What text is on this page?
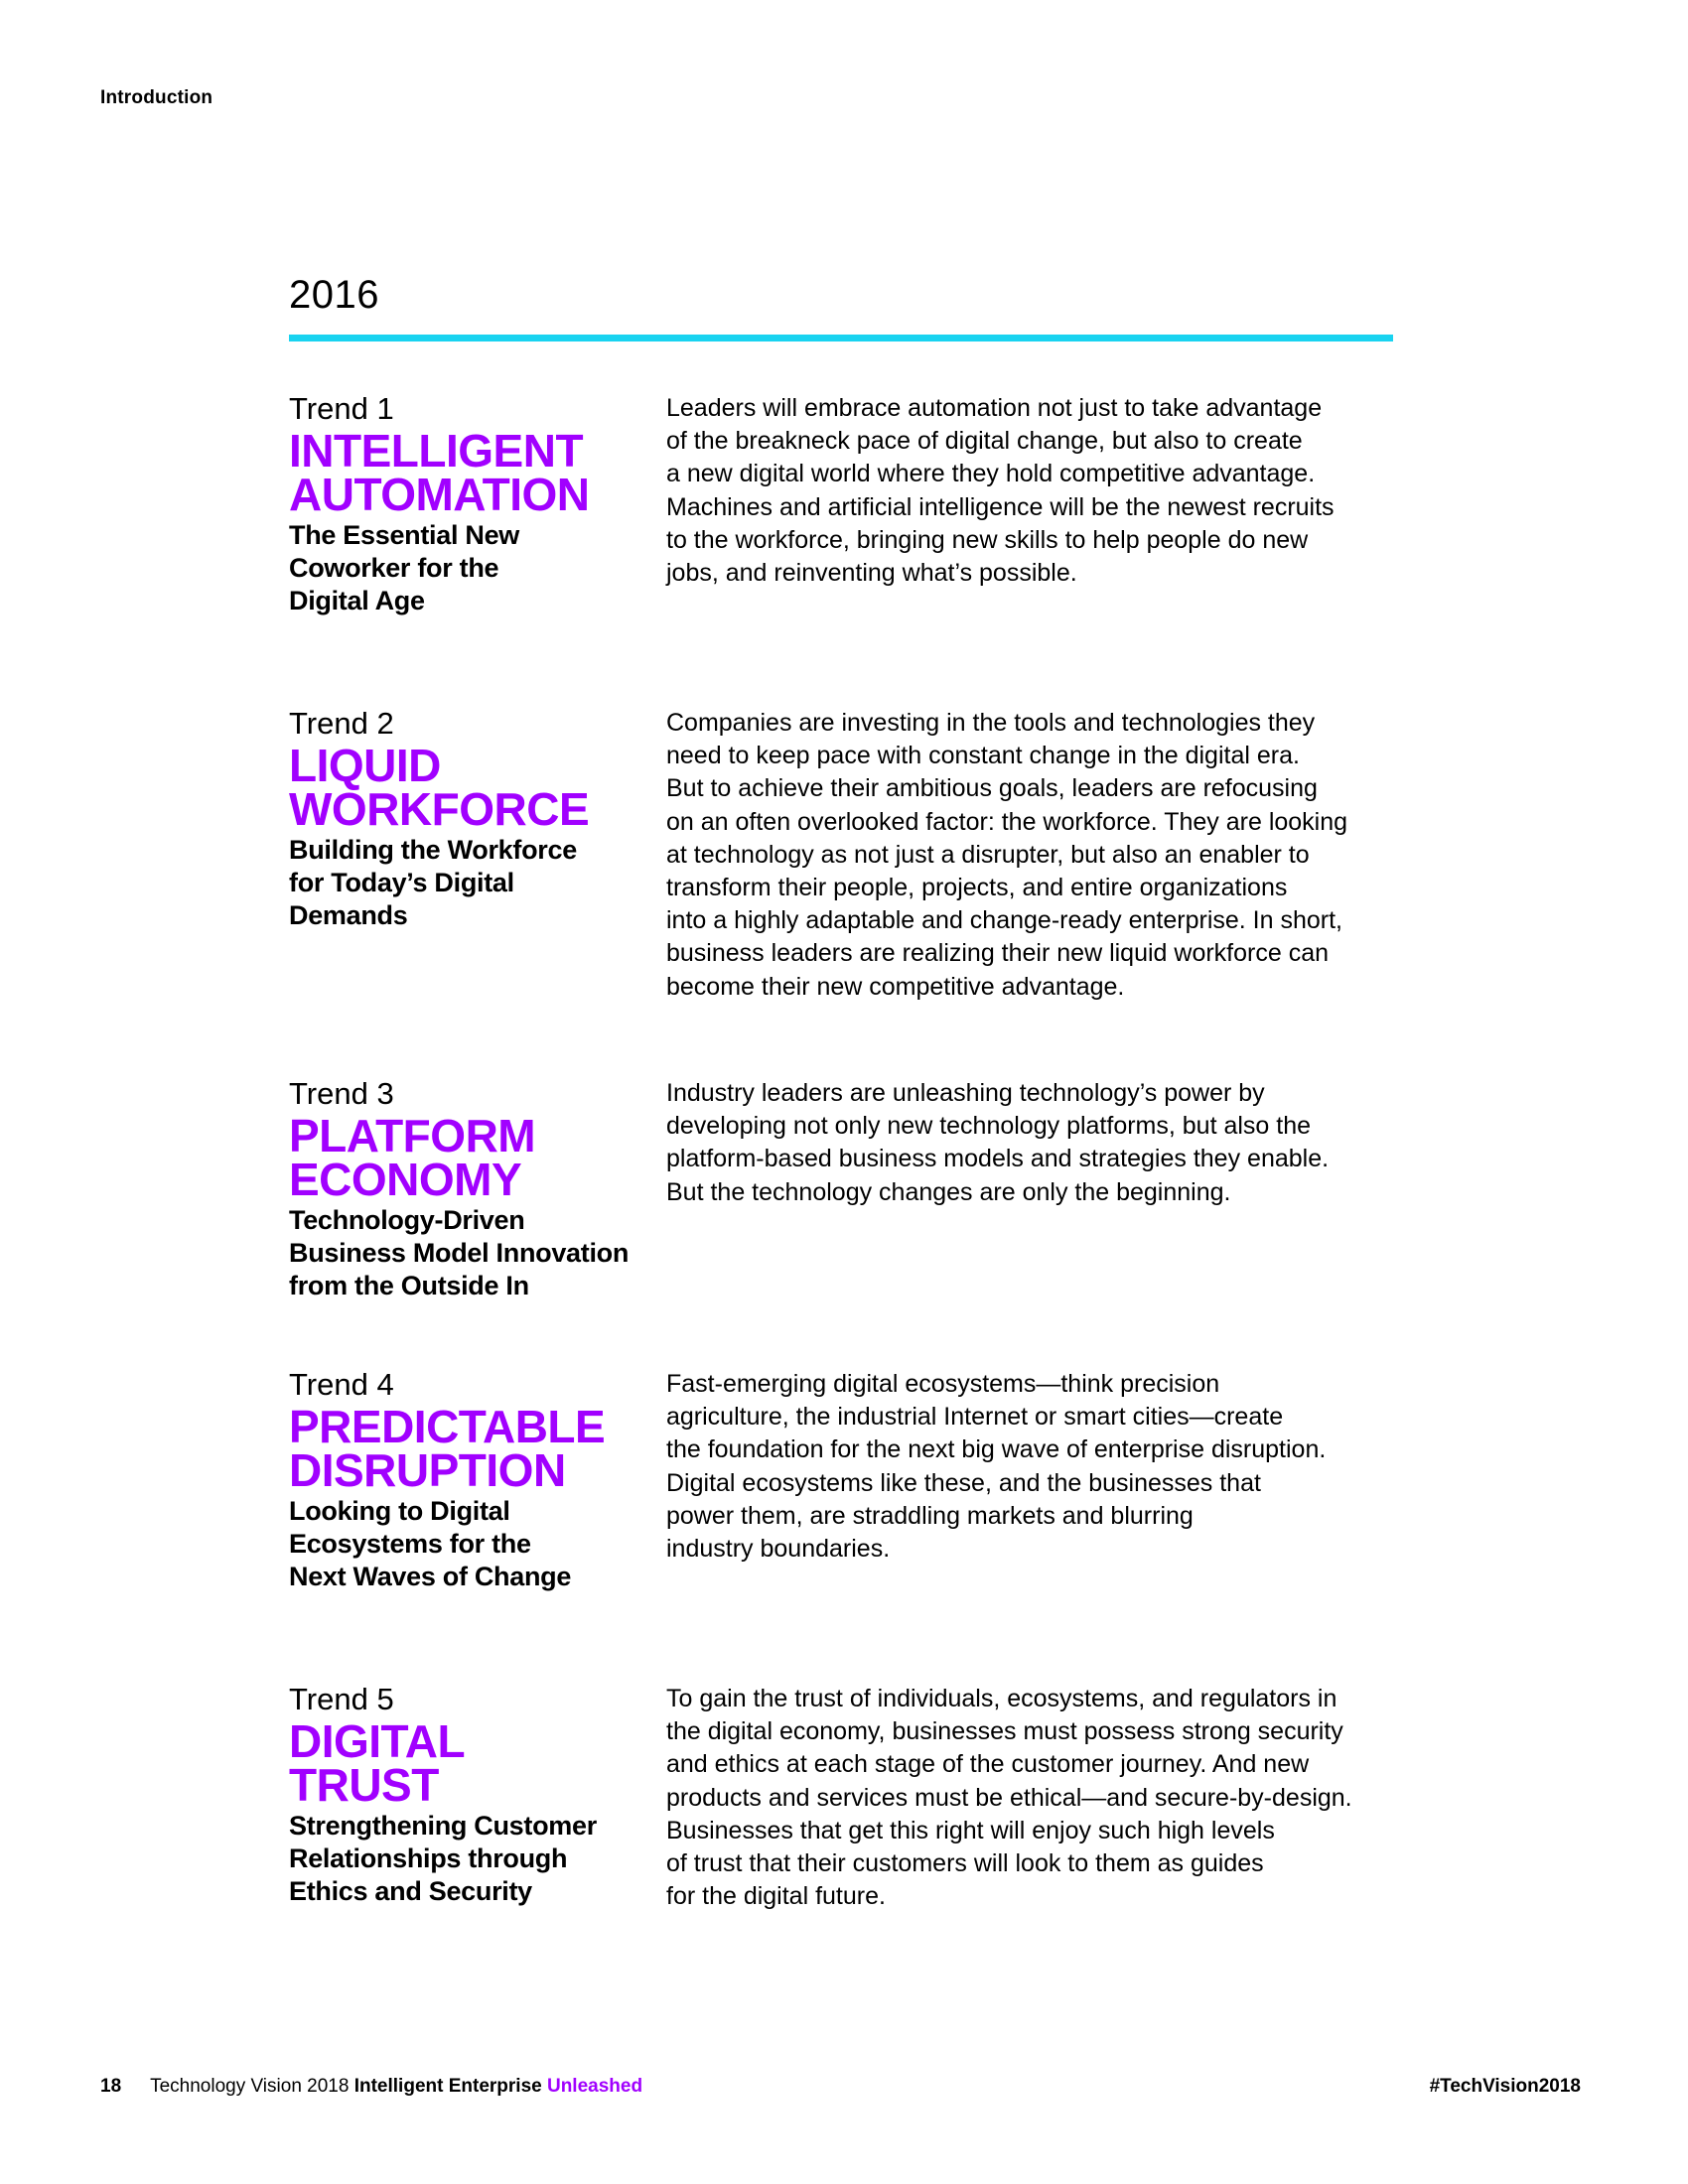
Introduction
2016
Trend 1
INTELLIGENT
AUTOMATION
The Essential New
Coworker for the
Digital Age

Leaders will embrace automation not just to take advantage
of the breakneck pace of digital change, but also to create
a new digital world where they hold competitive advantage.
Machines and artificial intelligence will be the newest recruits
to the workforce, bringing new skills to help people do new
jobs, and reinventing what’s possible.

Trend 2
LIQUID
WORKFORCE
Building the Workforce
for Today’s Digital
Demands

Companies are investing in the tools and technologies they
need to keep pace with constant change in the digital era.
But to achieve their ambitious goals, leaders are refocusing
on an often overlooked factor: the workforce. They are looking
at technology as not just a disrupter, but also an enabler to
transform their people, projects, and entire organizations
into a highly adaptable and change-ready enterprise. In short,
business leaders are realizing their new liquid workforce can
become their new competitive advantage.

Trend 3
PLATFORM
ECONOMY
Technology-Driven
Business Model Innovation
from the Outside In

Industry leaders are unleashing technology’s power by
developing not only new technology platforms, but also the
platform-based business models and strategies they enable.
But the technology changes are only the beginning.

Trend 4
PREDICTABLE
DISRUPTION
Looking to Digital
Ecosystems for the
Next Waves of Change

Fast-emerging digital ecosystems—think precision
agriculture, the industrial Internet or smart cities—create
the foundation for the next big wave of enterprise disruption.
Digital ecosystems like these, and the businesses that
power them, are straddling markets and blurring
industry boundaries.

Trend 5
DIGITAL
TRUST
Strengthening Customer
Relationships through
Ethics and Security

To gain the trust of individuals, ecosystems, and regulators in
the digital economy, businesses must possess strong security
and ethics at each stage of the customer journey. And new
products and services must be ethical—and secure-by-design.
Businesses that get this right will enjoy such high levels
of trust that their customers will look to them as guides
for the digital future.

18 Technology Vision 2018 Intelligent Enterprise Unleashed	#TechVision2018
